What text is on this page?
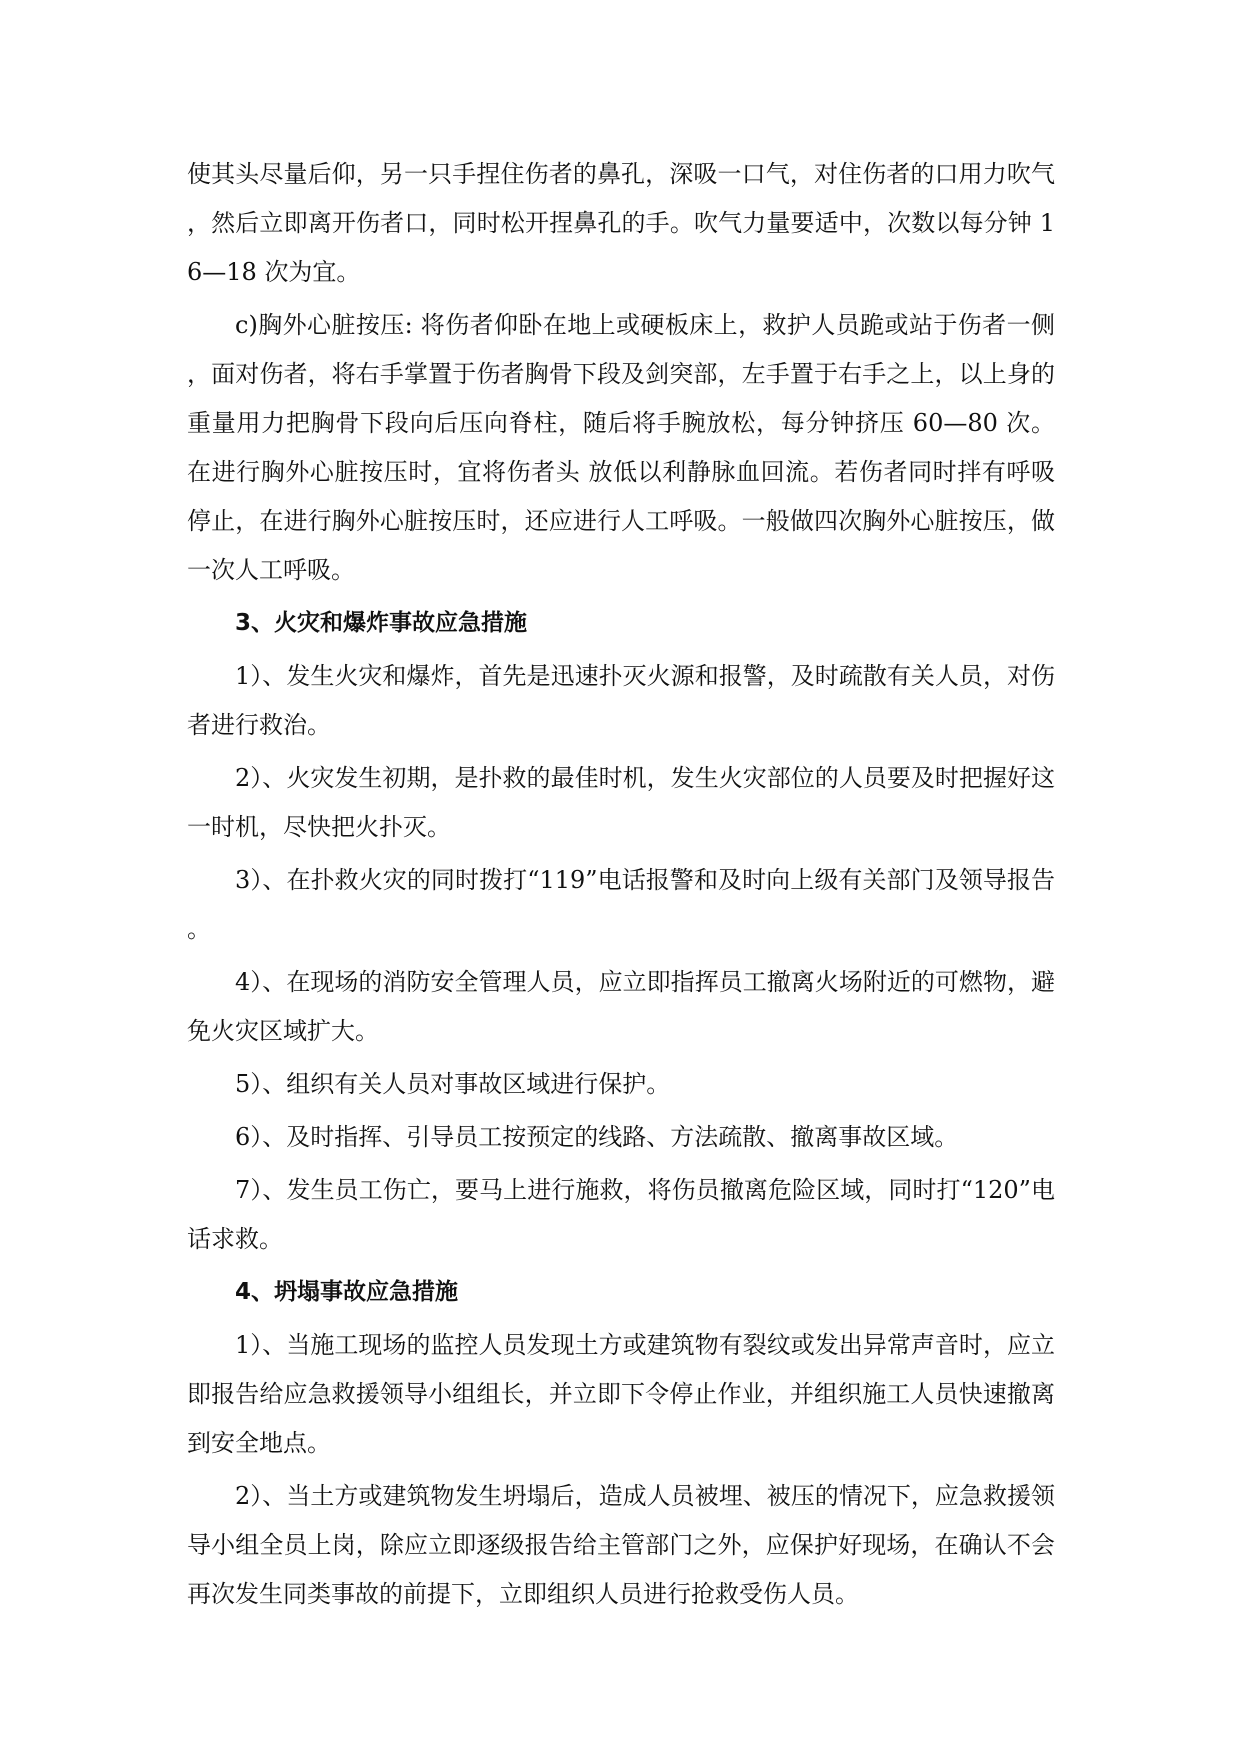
使其头尽量后仰，另一只手捏住伤者的鼻孔，深吸一口气，对住伤者的口用力吹气，然后立即离开伤者口，同时松开捏鼻孔的手。吹气力量要适中，次数以每分钟 16—18 次为宜。

c)胸外心脏按压: 将伤者仰卧在地上或硬板床上，救护人员跪或站于伤者一侧，面对伤者，将右手掌置于伤者胸骨下段及剑突部，左手置于右手之上，以上身的重量用力把胸骨下段向后压向脊柱，随后将手腕放松，每分钟挤压 60—80 次。在进行胸外心脏按压时，宜将伤者头 放低以利静脉血回流。若伤者同时拌有呼吸停止，在进行胸外心脏按压时，还应进行人工呼吸。一般做四次胸外心脏按压，做一次人工呼吸。

3、火灾和爆炸事故应急措施

1）、发生火灾和爆炸，首先是迅速扑灭火源和报警，及时疏散有关人员，对伤者进行救治。

2）、火灾发生初期，是扑救的最佳时机，发生火灾部位的人员要及时把握好这一时机，尽快把火扑灭。

3）、在扑救火灾的同时拨打“119”电话报警和及时向上级有关部门及领导报告。

4）、在现场的消防安全管理人员，应立即指挥员工撤离火场附近的可燃物，避免火灾区域扩大。

5）、组织有关人员对事故区域进行保护。

6）、及时指挥、引导员工按预定的线路、方法疏散、撤离事故区域。

7）、发生员工伤亡，要马上进行施救，将伤员撤离危险区域，同时打“120”电话求救。

4、坍塌事故应急措施

1）、当施工现场的监控人员发现土方或建筑物有裂纹或发出异常声音时，应立即报告给应急救援领导小组组长，并立即下令停止作业，并组织施工人员快速撤离到安全地点。

2）、当土方或建筑物发生坍塌后，造成人员被埋、被压的情况下，应急救援领导小组全员上岗，除应立即逐级报告给主管部门之外，应保护好现场，在确认不会再次发生同类事故的前提下，立即组织人员进行抢救受伤人员。
